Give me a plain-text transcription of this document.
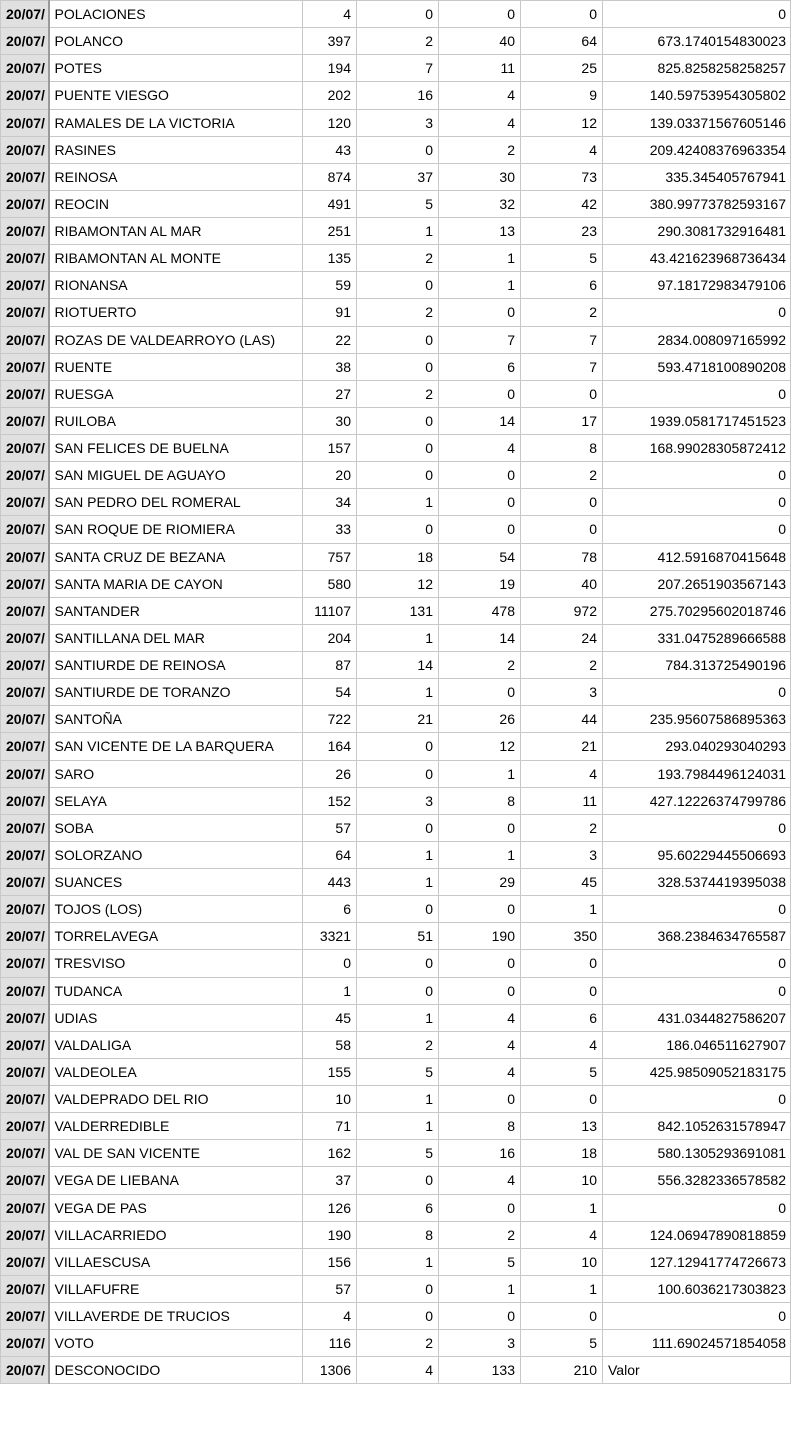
20/07/	POLACIONES	4	0	0	0	0
20/07/	POLANCO	397	2	40	64	673.1740154830023
20/07/	POTES	194	7	11	25	825.8258258258257
20/07/	PUENTE VIESGO	202	16	4	9	140.59753954305802
20/07/	RAMALES DE LA VICTORIA	120	3	4	12	139.03371567605146
20/07/	RASINES	43	0	2	4	209.42408376963354
20/07/	REINOSA	874	37	30	73	335.345405767941
20/07/	REOCIN	491	5	32	42	380.99773782593167
20/07/	RIBAMONTAN AL MAR	251	1	13	23	290.3081732916481
20/07/	RIBAMONTAN AL MONTE	135	2	1	5	43.421623968736434
20/07/	RIONANSA	59	0	1	6	97.18172983479106
20/07/	RIOTUERTO	91	2	0	2	0
20/07/	ROZAS DE VALDEARROYO (LAS)	22	0	7	7	2834.008097165992
20/07/	RUENTE	38	0	6	7	593.4718100890208
20/07/	RUESGA	27	2	0	0	0
20/07/	RUILOBA	30	0	14	17	1939.0581717451523
20/07/	SAN FELICES DE BUELNA	157	0	4	8	168.99028305872412
20/07/	SAN MIGUEL DE AGUAYO	20	0	0	2	0
20/07/	SAN PEDRO DEL ROMERAL	34	1	0	0	0
20/07/	SAN ROQUE DE RIOMIERA	33	0	0	0	0
20/07/	SANTA CRUZ DE BEZANA	757	18	54	78	412.5916870415648
20/07/	SANTA MARIA DE CAYON	580	12	19	40	207.2651903567143
20/07/	SANTANDER	11107	131	478	972	275.70295602018746
20/07/	SANTILLANA DEL MAR	204	1	14	24	331.0475289666588
20/07/	SANTIURDE DE REINOSA	87	14	2	2	784.313725490196
20/07/	SANTIURDE DE TORANZO	54	1	0	3	0
20/07/	SANTOÑA	722	21	26	44	235.95607586895363
20/07/	SAN VICENTE DE LA BARQUERA	164	0	12	21	293.040293040293
20/07/	SARO	26	0	1	4	193.7984496124031
20/07/	SELAYA	152	3	8	11	427.12226374799786
20/07/	SOBA	57	0	0	2	0
20/07/	SOLORZANO	64	1	1	3	95.60229445506693
20/07/	SUANCES	443	1	29	45	328.5374419395038
20/07/	TOJOS (LOS)	6	0	0	1	0
20/07/	TORRELAVEGA	3321	51	190	350	368.2384634765587
20/07/	TRESVISO	0	0	0	0	0
20/07/	TUDANCA	1	0	0	0	0
20/07/	UDIAS	45	1	4	6	431.0344827586207
20/07/	VALDALIGA	58	2	4	4	186.046511627907
20/07/	VALDEOLEA	155	5	4	5	425.98509052183175
20/07/	VALDEPRADO DEL RIO	10	1	0	0	0
20/07/	VALDERREDIBLE	71	1	8	13	842.1052631578947
20/07/	VAL DE SAN VICENTE	162	5	16	18	580.1305293691081
20/07/	VEGA DE LIEBANA	37	0	4	10	556.3282336578582
20/07/	VEGA DE PAS	126	6	0	1	0
20/07/	VILLACARRIEDO	190	8	2	4	124.06947890818859
20/07/	VILLAESCUSA	156	1	5	10	127.12941774726673
20/07/	VILLAFUFRE	57	0	1	1	100.6036217303823
20/07/	VILLAVERDE DE TRUCIOS	4	0	0	0	0
20/07/	VOTO	116	2	3	5	111.69024571854058
20/07/	DESCONOCIDO	1306	4	133	210	Valor
